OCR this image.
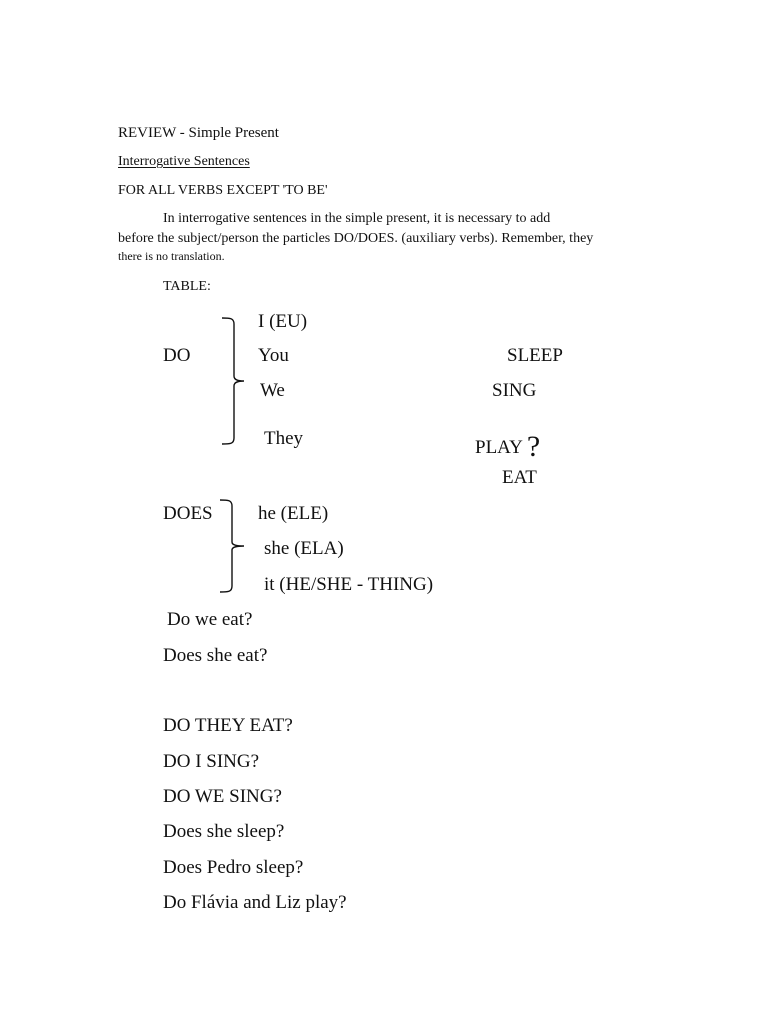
REVIEW - Simple Present
Interrogative Sentences
FOR ALL VERBS EXCEPT 'TO BE'
In interrogative sentences in the simple present, it is necessary to add
before the subject/person the particles DO/DOES. (auxiliary verbs). Remember, they
there is no translation.
TABLE:
DO
I (EU)
You
We
They
SLEEP
SING
PLAY ?
EAT
DOES he (ELE)
she (ELA)
it (HE/SHE - THING)
Do we eat?
Does she eat?
DO THEY EAT?
DO I SING?
DO WE SING?
Does she sleep?
Does Pedro sleep?
Do Flávia and Liz play?
